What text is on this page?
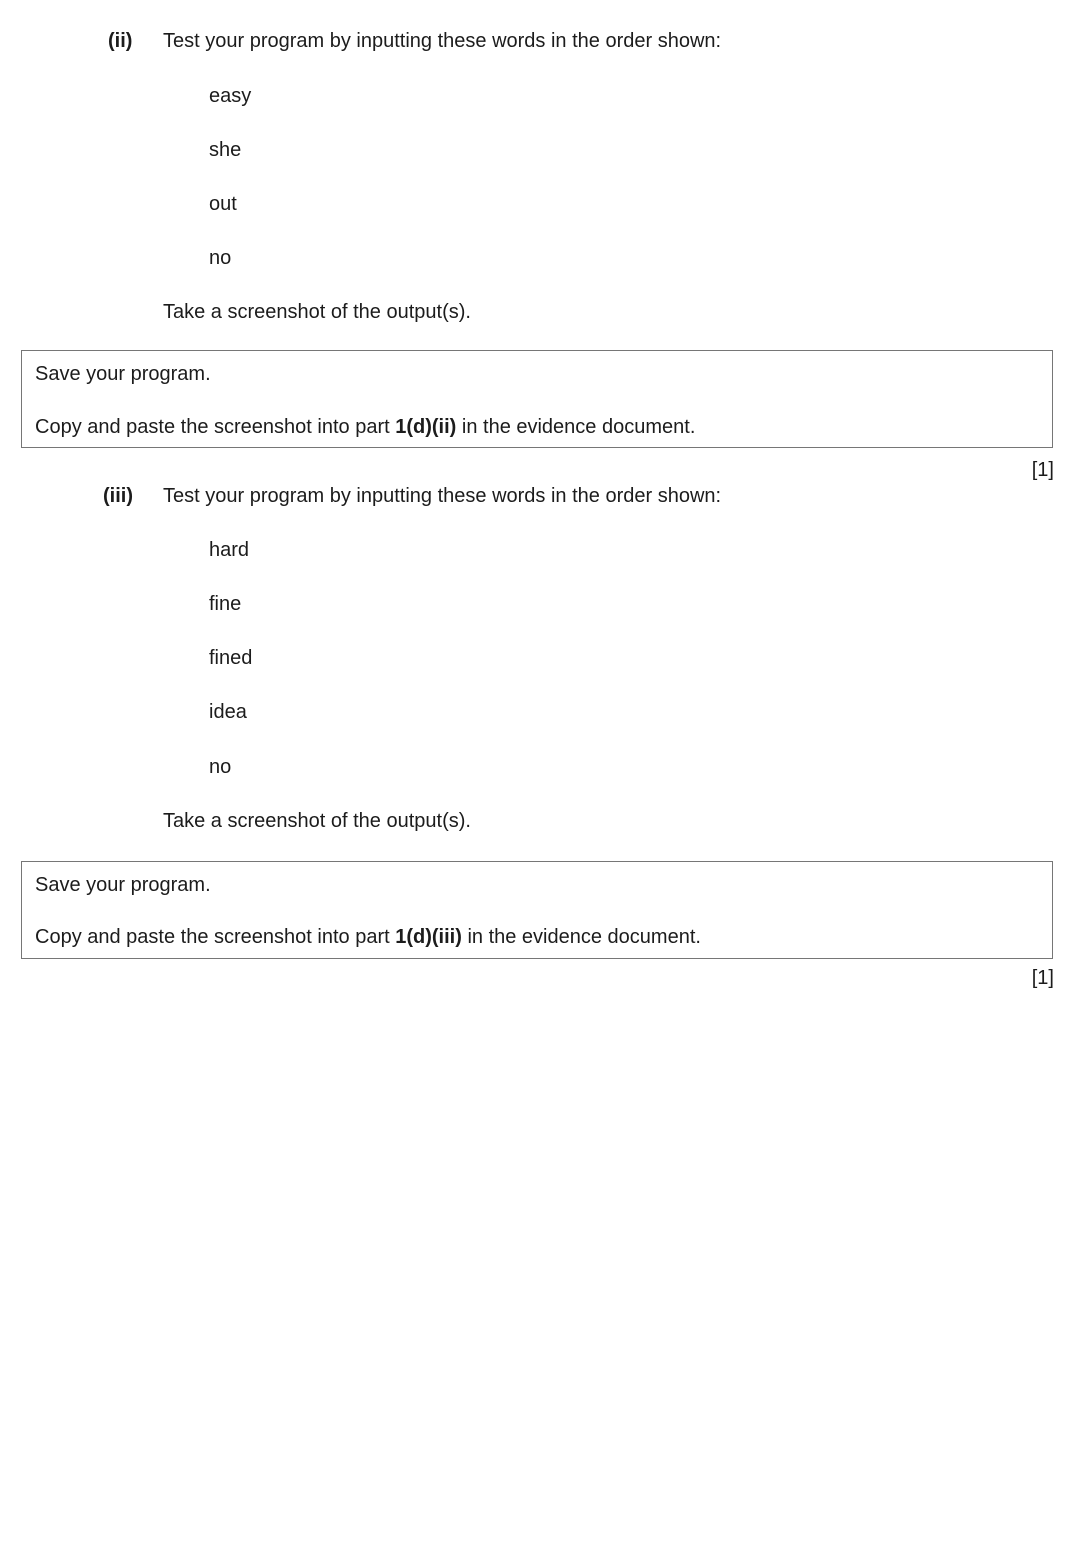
(ii) Test your program by inputting these words in the order shown:
easy
she
out
no
Take a screenshot of the output(s).
Save your program.
Copy and paste the screenshot into part 1(d)(ii) in the evidence document.
[1]
(iii) Test your program by inputting these words in the order shown:
hard
fine
fined
idea
no
Take a screenshot of the output(s).
Save your program.
Copy and paste the screenshot into part 1(d)(iii) in the evidence document.
[1]
